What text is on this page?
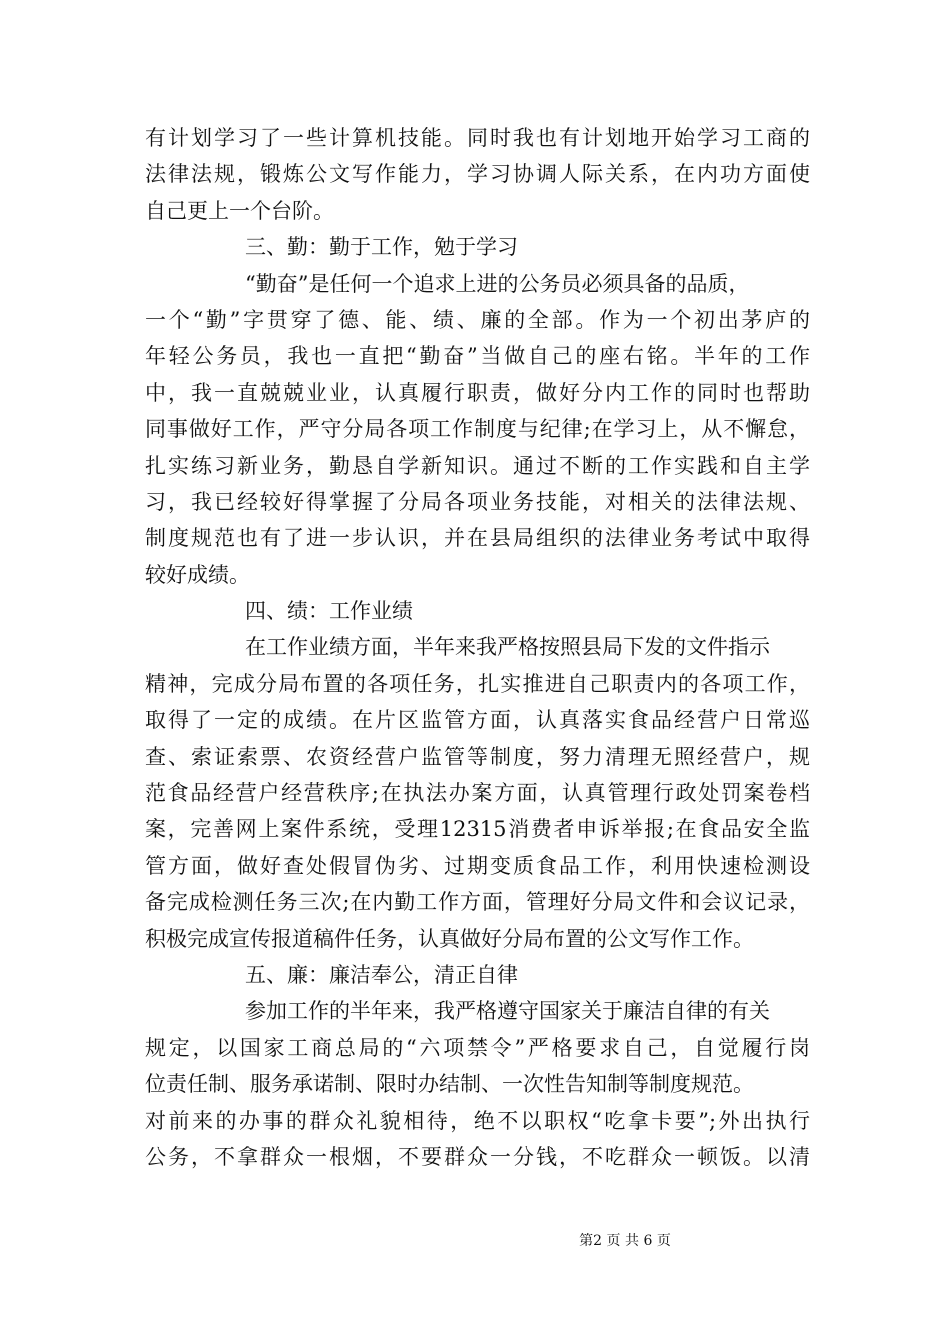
有计划学习了一些计算机技能。同时我也有计划地开始学习工商的
法律法规，锻炼公文写作能力，学习协调人际关系，在内功方面使
自己更上一个台阶。
三、勤：勤于工作，勉于学习
“勤奋”是任何一个追求上进的公务员必须具备的品质，
一个“勤”字贯穿了德、能、绩、廉的全部。作为一个初出茅庐的
年轻公务员，我也一直把“勤奋”当做自己的座右铭。半年的工作
中，我一直兢兢业业，认真履行职责，做好分内工作的同时也帮助
同事做好工作，严守分局各项工作制度与纪律;在学习上，从不懈怠，
扎实练习新业务，勤恳自学新知识。通过不断的工作实践和自主学
习，我已经较好得掌握了分局各项业务技能，对相关的法律法规、
制度规范也有了进一步认识，并在县局组织的法律业务考试中取得
较好成绩。
四、绩：工作业绩
在工作业绩方面，半年来我严格按照县局下发的文件指示
精神，完成分局布置的各项任务，扎实推进自己职责内的各项工作，
取得了一定的成绩。在片区监管方面，认真落实食品经营户日常巡
查、索证索票、农资经营户监管等制度，努力清理无照经营户，规
范食品经营户经营秩序;在执法办案方面，认真管理行政处罚案卷档
案，完善网上案件系统，受理12315消费者申诉举报;在食品安全监
管方面，做好查处假冒伪劣、过期变质食品工作，利用快速检测设
备完成检测任务三次;在内勤工作方面，管理好分局文件和会议记录，
积极完成宣传报道稿件任务，认真做好分局布置的公文写作工作。
五、廉：廉洁奉公，清正自律
参加工作的半年来，我严格遵守国家关于廉洁自律的有关
规定，以国家工商总局的“六项禁令”严格要求自己，自觉履行岗
位责任制、服务承诺制、限时办结制、一次性告知制等制度规范。
对前来的办事的群众礼貌相待，绝不以职权“吃拿卡要”;外出执行
公务，不拿群众一根烟，不要群众一分钱，不吃群众一顿饭。以清
第2 页 共 6 页
